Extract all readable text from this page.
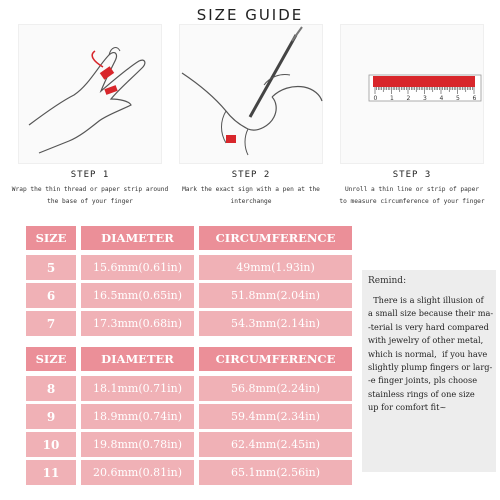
SIZE GUIDE
0 1 2 3 4 5 6
STEP 1	STEP 2	STEP 3
Wrap the thin thread or paper strip around
the base of your finger
Mark the exact sign with a pen at the
interchange
Unroll a thin line or strip of paper
to measure circumference of your finger
SIZE	DIAMETER	CIRCUMFERENCE
5	15.6mm(0.61in)	49mm(1.93in)
6	16.5mm(0.65in)	51.8mm(2.04in)
7	17.3mm(0.68in)	54.3mm(2.14in)
SIZE	DIAMETER	CIRCUMFERENCE
8	18.1mm(0.71in)	56.8mm(2.24in)
9	18.9mm(0.74in)	59.4mm(2.34in)
10	19.8mm(0.78in)	62.4mm(2.45in)
11	20.6mm(0.81in)	65.1mm(2.56in)
Remind:
There is a slight illusion of
a small size because their ma-
-terial is very hard compared
with jewelry of other metal,
which is normal,  if you have
slightly plump fingers or larg-
-e finger joints, pls choose
stainless rings of one size
up for comfort fit~
